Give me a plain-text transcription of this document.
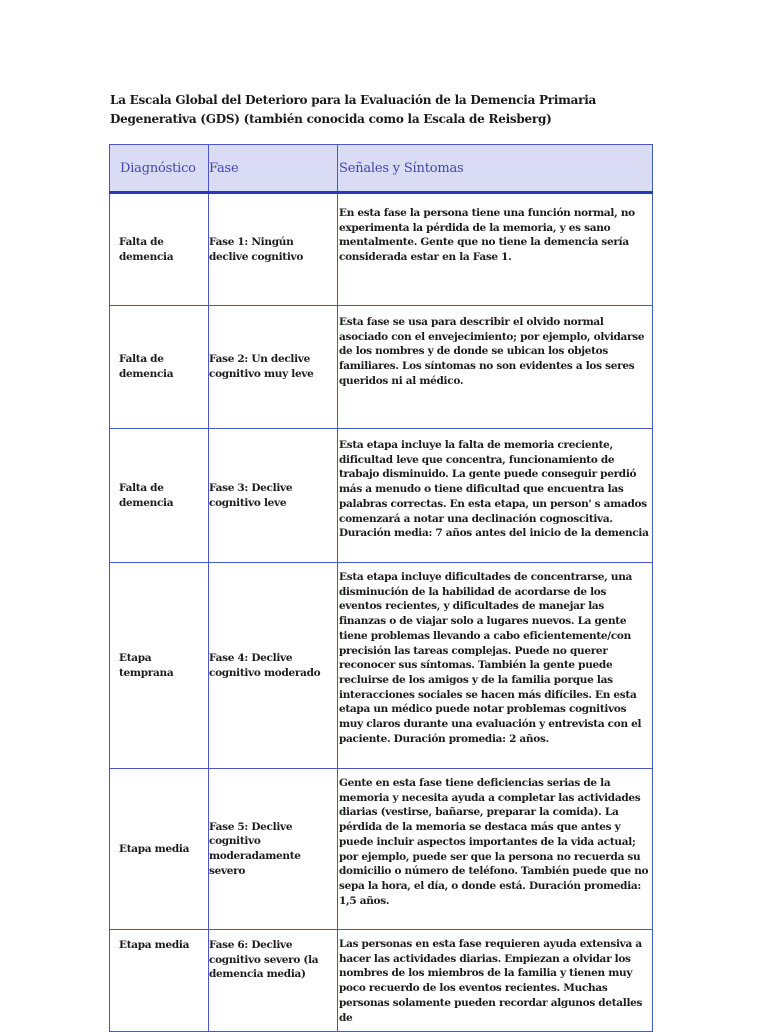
La Escala Global del Deterioro para la Evaluación de la Demencia Primaria Degenerativa (GDS) (también conocida como la Escala de Reisberg)
Diagnóstico	Fase	Señales y Síntomas
Falta de demencia	Fase 1: Ningún declive cognitivo	En esta fase la persona tiene una función normal, no experimenta la pérdida de la memoria, y es sano mentalmente. Gente que no tiene la demencia sería considerada estar en la Fase 1.
Falta de demencia	Fase 2: Un declive cognitivo muy leve	Esta fase se usa para describir el olvido normal asociado con el envejecimiento; por ejemplo, olvidarse de los nombres y de donde se ubican los objetos familiares. Los síntomas no son evidentes a los seres queridos ni al médico.
Falta de demencia	Fase 3: Declive cognitivo leve	Esta etapa incluye la falta de memoria creciente, dificultad leve que concentra, funcionamiento de trabajo disminuido. La gente puede conseguir perdió más a menudo o tiene dificultad que encuentra las palabras correctas. En esta etapa, un person' s amados comenzará a notar una declinación cognoscitiva. Duración media: 7 años antes del inicio de la demencia
Etapa temprana	Fase 4: Declive cognitivo moderado	Esta etapa incluye dificultades de concentrarse, una disminución de la habilidad de acordarse de los eventos recientes, y dificultades de manejar las finanzas o de viajar solo a lugares nuevos. La gente tiene problemas llevando a cabo eficientemente/con precisión las tareas complejas. Puede no querer reconocer sus síntomas. También la gente puede recluirse de los amigos y de la familia porque las interacciones sociales se hacen más difíciles. En esta etapa un médico puede notar problemas cognitivos muy claros durante una evaluación y entrevista con el paciente. Duración promedia: 2 años.
Etapa media	Fase 5: Declive cognitivo moderadamente severo	Gente en esta fase tiene deficiencias serias de la memoria y necesita ayuda a completar las actividades diarias (vestirse, bañarse, preparar la comida). La pérdida de la memoria se destaca más que antes y puede incluir aspectos importantes de la vida actual; por ejemplo, puede ser que la persona no recuerda su domicilio o número de teléfono. También puede que no sepa la hora, el día, o donde está. Duración promedia: 1,5 años.
Etapa media	Fase 6: Declive cognitivo severo (la demencia media)	Las personas en esta fase requieren ayuda extensiva a hacer las actividades diarias. Empiezan a olvidar los nombres de los miembros de la familia y tienen muy poco recuerdo de los eventos recientes. Muchas personas solamente pueden recordar algunos detalles de
